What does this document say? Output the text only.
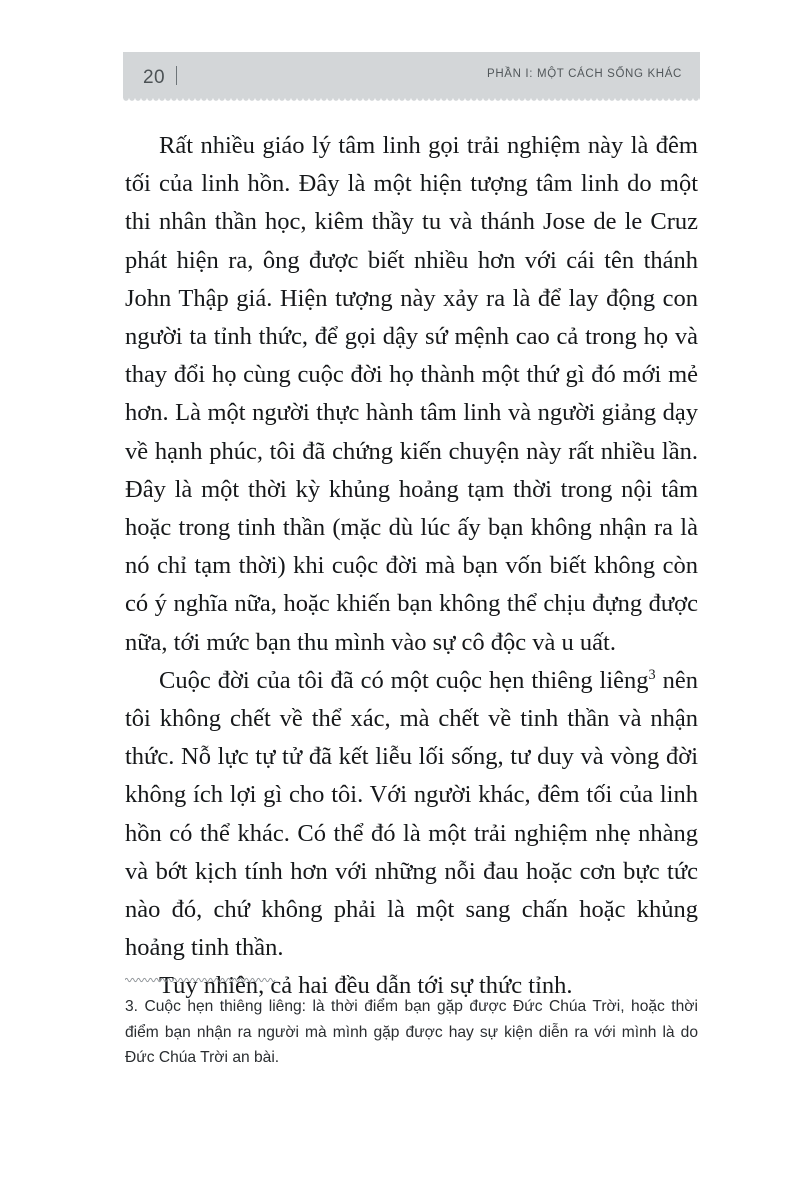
20	PHẦN I: MỘT CÁCH SỐNG KHÁC

Rất nhiều giáo lý tâm linh gọi trải nghiệm này là đêm tối của linh hồn. Đây là một hiện tượng tâm linh do một thi nhân thần học, kiêm thầy tu và thánh Jose de le Cruz phát hiện ra, ông được biết nhiều hơn với cái tên thánh John Thập giá. Hiện tượng này xảy ra là để lay động con người ta tỉnh thức, để gọi dậy sứ mệnh cao cả trong họ và thay đổi họ cùng cuộc đời họ thành một thứ gì đó mới mẻ hơn. Là một người thực hành tâm linh và người giảng dạy về hạnh phúc, tôi đã chứng kiến chuyện này rất nhiều lần. Đây là một thời kỳ khủng hoảng tạm thời trong nội tâm hoặc trong tinh thần (mặc dù lúc ấy bạn không nhận ra là nó chỉ tạm thời) khi cuộc đời mà bạn vốn biết không còn có ý nghĩa nữa, hoặc khiến bạn không thể chịu đựng được nữa, tới mức bạn thu mình vào sự cô độc và u uất.

Cuộc đời của tôi đã có một cuộc hẹn thiêng liêng$^3$ nên tôi không chết về thể xác, mà chết về tinh thần và nhận thức. Nỗ lực tự tử đã kết liễu lối sống, tư duy và vòng đời không ích lợi gì cho tôi. Với người khác, đêm tối của linh hồn có thể khác. Có thể đó là một trải nghiệm nhẹ nhàng và bớt kịch tính hơn với những nỗi đau hoặc cơn bực tức nào đó, chứ không phải là một sang chấn hoặc khủng hoảng tinh thần.

Tuy nhiên, cả hai đều dẫn tới sự thức tỉnh.

3. Cuộc hẹn thiêng liêng: là thời điểm bạn gặp được Đức Chúa Trời, hoặc thời điểm bạn nhận ra người mà mình gặp được hay sự kiện diễn ra với mình là do Đức Chúa Trời an bài.
